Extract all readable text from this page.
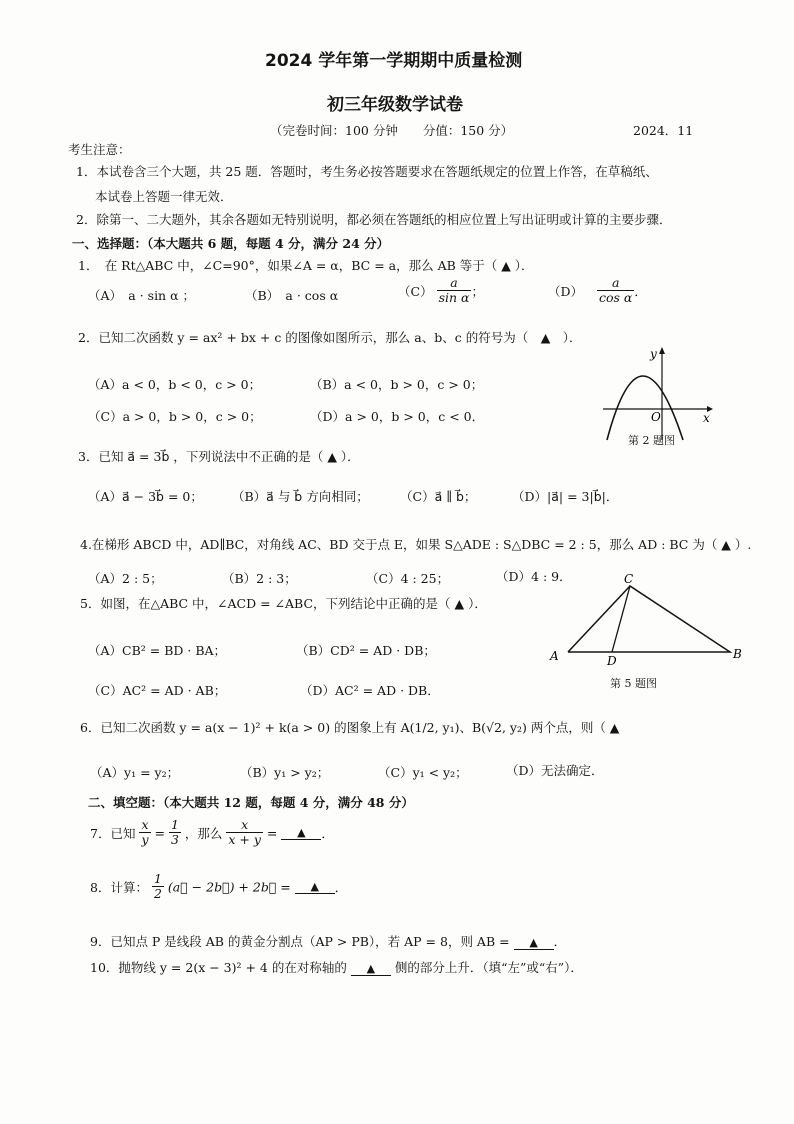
2024 学年第一学期期中质量检测
初三年级数学试卷
（完卷时间：100 分钟　　分值：150 分）	2024．11
考生注意：
1．本试卷含三个大题，共 25 题．答题时，考生务必按答题要求在答题纸规定的位置上作答，在草稿纸、
本试卷上答题一律无效．
2．除第一、二大题外，其余各题如无特别说明，都必须在答题纸的相应位置上写出证明或计算的主要步骤．
一、选择题：（本大题共 6 题，每题 4 分，满分 24 分）
1．　在 Rt△ABC 中，∠C=90°，如果∠A = α，BC = a，那么 AB 等于（ ▲ ）．
（A）　a · sin α ；	（B）　a · cos α	$(C) \frac{a}{\text{sin α}}$ ；	$(D) \frac{a}{\text{cos α}}$ ．
2．已知二次函数 y = ax² + bx + c 的图像如图所示，那么 a、b、c 的符号为（　▲　）．
（A）a < 0，b < 0，c > 0；	（B）a < 0，b > 0，c > 0；
（C）a > 0，b > 0，c > 0；	（D）a > 0，b > 0，c < 0．
y
x
O
第 2 题图
3．已知 a⃗ = 3b⃗ ，下列说法中不正确的是（ ▲ ）．
（A）a⃗ − 3b⃗ = 0； （B）a⃗ 与 b⃗ 方向相同；	（C）a⃗ ∥ b⃗；	（D）|a⃗| = 3|b⃗|．
4.在梯形 ABCD 中，AD∥BC，对角线 AC、BD 交于点 E，如果 S△ADE : S△DBC = 2 : 5，那么 AD : BC 为（ ▲ ）.
（A）2 : 5；	（B）2 : 3；	（C）4 : 25；	（D）4 : 9．
5．如图，在△ABC 中，∠ACD = ∠ABC，下列结论中正确的是（ ▲ ）．
（A）CB² = BD · BA；	（B）CD² = AD · DB；
（C）AC² = AD · AB；	（D）AC² = AD · DB．
A
C
D	B
第 5 题图
6．已知二次函数 y = a(x − 1)² + k(a > 0) 的图象上有 A(1/2, y₁)、B(√2, y₂) 两个点，则（ ▲
（A）y₁ = y₂；	（B）y₁ > y₂；	（C）y₁ < y₂；	（D）无法确定．
二、填空题：（本大题共 12 题，每题 4 分，满分 48 分）
7．已知 $\frac{x}{y} = \frac{1}{3}$ ，那么 $\frac{x}{x + y}$ = ▲ ．
8．计算： $\frac{1}{2}$ (a⃗ − 2b⃗) + 2b⃗ = ▲ ．
9．已知点 P 是线段 AB 的黄金分割点（AP > PB），若 AP = 8，则 AB = ▲ ．
10．抛物线 y = 2(x − 3)² + 4 的在对称轴的 ▲ 侧的部分上升．（填“左”或“右”）．
